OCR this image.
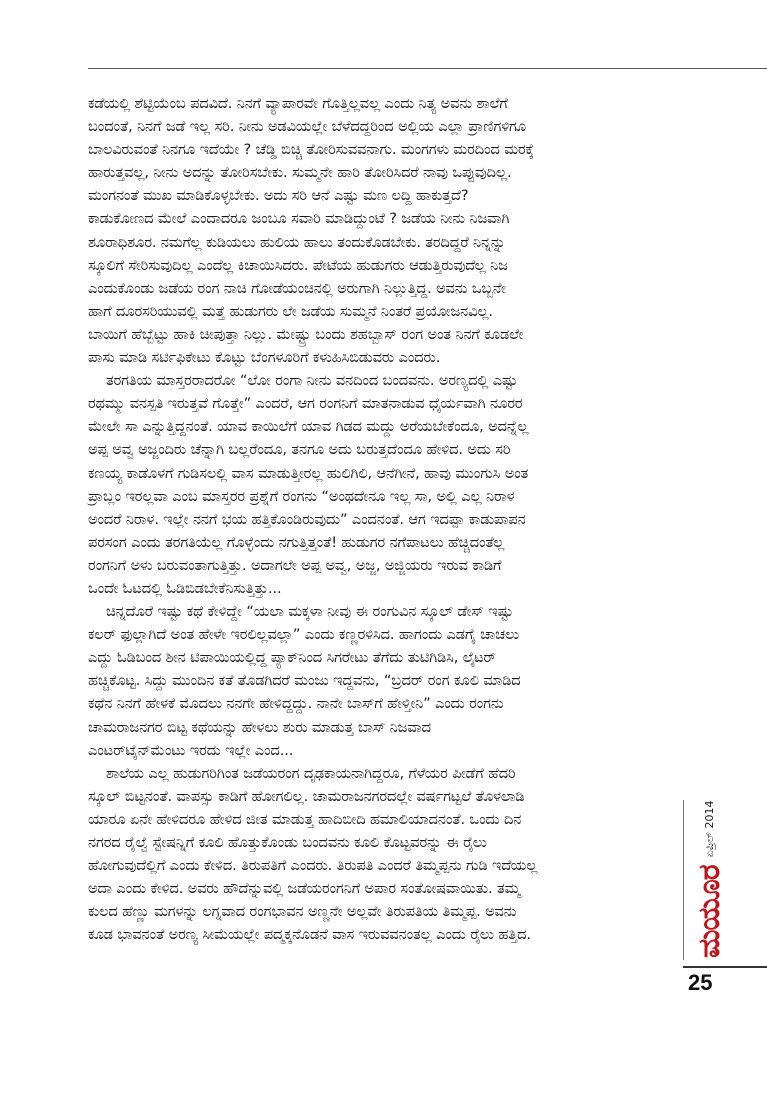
ಕಡೆಯಲ್ಲಿ ಶೆಟ್ಟಿಯೆಂಬ ಪದವಿದೆ. ನಿನಗೆ ವ್ಯಾಪಾರವೇ ಗೊತ್ತಿಲ್ಲವಲ್ಲ ಎಂದು ನಿತ್ಯ ಅವನು ಶಾಲೆಗೆ
ಬಂದಂತೆ, ನಿನಗೆ ಜಡೆ ಇಲ್ಲ ಸರಿ. ನೀನು ಅಡವಿಯಲ್ಲೇ ಬೆಳೆದದ್ದರಿಂದ ಅಲ್ಲಿಯ ಎಲ್ಲಾ ಪ್ರಾಣಿಗಳಿಗೂ
ಬಾಲವಿರುವಂತೆ ನಿನಗೂ ಇದೆಯೇ ? ಚೆಡ್ಡಿ ಬಿಚ್ಚಿ ತೋರಿಸುವವನಾಗು. ಮಂಗಗಳು ಮರದಿಂದ ಮರಕ್ಕೆ
ಹಾರುತ್ತವಲ್ಲ, ನೀನು ಅದನ್ನು ತೋರಿಸಬೇಕು. ಸುಮ್ಮನೇ ಹಾರಿ ತೋರಿಸಿದರೆ ನಾವು ಒಪ್ಪುವುದಿಲ್ಲ.
ಮಂಗನಂತೆ ಮುಖ ಮಾಡಿಕೊಳ್ಳಬೇಕು. ಅದು ಸರಿ ಆನೆ ಎಷ್ಟು ಮಣ ಲದ್ದಿ ಹಾಕುತ್ತದೆ?
ಕಾಡುಕೋಣದ ಮೇಲೆ ಎಂದಾದರೂ ಜಂಬೂ ಸವಾರಿ ಮಾಡಿದ್ದುಂಟೆ ? ಜಡೆಯ ನೀನು ನಿಜವಾಗಿ
ಶೂರಾಧಿಶೂರ. ನಮಗೆಲ್ಲ ಕುಡಿಯಲು ಹುಲಿಯ ಹಾಲು ತಂದುಕೊಡಬೇಕು. ತರದಿದ್ದರೆ ನಿನ್ನನ್ನು
ಸ್ಕೂಲಿಗೆ ಸೇರಿಸುವುದಿಲ್ಲ ಎಂದೆಲ್ಲ ಕಿಚಾಯಿಸಿದರು. ಪೇಟೆಯ ಹುಡುಗರು ಆಡುತ್ತಿರುವುದೆಲ್ಲ ನಿಜ
ಎಂದುಕೊಂಡು ಜಡೆಯ ರಂಗ ನಾಚಿ ಗೋಡೆಯಂಚಿನಲ್ಲಿ ಅರುಗಾಗಿ ನಿಲ್ಲುತ್ತಿದ್ದ. ಅವನು ಒಬ್ಬನೇ
ಹಾಗೆ ದೂರಸರಿಯುವಲ್ಲಿ ಮತ್ತೆ ಹುಡುಗರು ಲೇ ಜಡೆಯ ಸುಮ್ಮನೆ ನಿಂತರೆ ಪ್ರಯೋಜನವಿಲ್ಲ.
ಬಾಯಿಗೆ ಹೆಬ್ಬೆಟ್ಟು ಹಾಕಿ ಚೀಪುತ್ತಾ ನಿಲ್ಲು. ಮೇಷ್ಟ್ರು ಬಂದು ಶಹಬ್ಬಾಸ್ ರಂಗ ಅಂತ ನಿನಗೆ ಕೂಡಲೇ
ಪಾಸು ಮಾಡಿ ಸರ್ಟಿಫಿಕೇಟು ಕೊಟ್ಟು ಬೆಂಗಳೂರಿಗೆ ಕಳುಹಿಸಿಬಿಡುವರು ಎಂದರು.
ತರಗತಿಯ ಮಾಸ್ತರರಾದರೋ “ಲೋ ರಂಗಾ ನೀನು ವನದಿಂದ ಬಂದವನು. ಅರಣ್ಯದಲ್ಲಿ ಎಷ್ಟು
ರಥಮ್ಮು ವನಸ್ಪತಿ ಇರುತ್ತವೆ ಗೊತ್ತೇ” ಎಂದರೆ, ಆಗ ರಂಗನಿಗೆ ಮಾತನಾಡುವ ಧೈರ್ಯವಾಗಿ ನೂರರ
ಮೇಲೇ ಸಾ ಎನ್ನುತ್ತಿದ್ದನಂತೆ. ಯಾವ ಕಾಯಿಲೆಗೆ ಯಾವ ಗಿಡದ ಮದ್ದು ಅರೆಯಬೇಕೆಂದೂ, ಅದನ್ನೆಲ್ಲ
ಅಪ್ಪ ಅವ್ವ ಅಜ್ಜಂದಿರು ಚೆನ್ನಾಗಿ ಬಲ್ಲರೆಂದೂ, ತನಗೂ ಅದು ಬರುತ್ತದೆಂದೂ ಹೇಳಿದ. ಅದು ಸರಿ
ಕಣಯ್ಯ ಕಾಡೊಳಗೆ ಗುಡಿಸಲಲ್ಲಿ ವಾಸ ಮಾಡುತ್ತೀರಲ್ಲ ಹುಲಿಗಿಲಿ, ಆನೆಗೀನೆ, ಹಾವು ಮುಂಗುಸಿ ಅಂತ
ಪ್ರಾಬ್ಲಂ ಇರಲ್ಲವಾ ಎಂಬ ಮಾಸ್ತರರ ಪ್ರಶ್ನೆಗೆ ರಂಗನು “ಅಂಥದೇನೂ ಇಲ್ಲ ಸಾ, ಅಲ್ಲಿ ಎಲ್ಲ ನಿರಾಳ
ಅಂದರೆ ನಿರಾಳ. ಇಲ್ಲೇ ನನಗೆ ಭಯ ಹತ್ತಿಕೊಂಡಿರುವುದು” ಎಂದನಂತೆ. ಆಗ ಇದಪ್ಪಾ ಕಾಡುಪಾಪನ
ಪರಸಂಗ ಎಂದು ತರಗತಿಯೆಲ್ಲ ಗೊಳ್ಳೆಂದು ನಗುತ್ತಿತ್ತಂತೆ! ಹುಡುಗರ ನಗೆಪಾಟಲು ಹೆಚ್ಚಿದಂತೆಲ್ಲ
ರಂಗನಿಗೆ ಅಳು ಬರುವಂತಾಗುತ್ತಿತ್ತು. ಅದಾಗಲೇ ಅಪ್ಪ ಅವ್ವ, ಅಜ್ಜ, ಅಜ್ಜಿಯರು ಇರುವ ಕಾಡಿಗೆ
ಒಂದೇ ಓಟದಲ್ಲಿ ಓಡಿಬಿಡಬೇಕೆನಿಸುತ್ತಿತ್ತು...
ಚಿನ್ನದೊರೆ ಇಷ್ಟು ಕಥೆ ಕೇಳಿದ್ದೇ “ಯಲಾ ಮಕ್ಕಳಾ ನೀವು ಈ ರಂಗುವಿನ ಸ್ಕೂಲ್ ಡೇಸ್ ಇಷ್ಟು
ಕಲರ್ ಫುಲ್ಲಾಗಿದೆ ಅಂತ ಹೇಳೇ ಇರಲಿಲ್ಲವಲ್ಲಾ” ಎಂದು ಕಣ್ಣರಳಿಸಿದ. ಹಾಗಂದು ಎಡಗೈ ಚಾಚಲು
ಎದ್ದು ಓಡಿಬಂದ ಶೀನ ಟಿಪಾಯಿಯಲ್ಲಿದ್ದ ಪ್ಯಾಕ್‌ನಿಂದ ಸಿಗರೇಟು ತೆಗೆದು ತುಟಿಗಿಡಿಸಿ, ಲೈಟರ್
ಹಚ್ಚಿಕೊಟ್ಟ. ಸಿದ್ದು ಮುಂದಿನ ಕತೆ ತೊಡಗಿದರೆ ಮಂಜು ಇದ್ದವನು, “ಬ್ರದರ್ ರಂಗ ಕೂಲಿ ಮಾಡಿದ
ಕಥೆನ ನಿನಗೆ ಹೇಳಕೆ ಮೊದಲು ನನಗೇ ಹೇಳಿದ್ದದ್ದು. ನಾನೇ ಬಾಸ್‌ಗೆ ಹೇಳ್ತೀನಿ” ಎಂದು ರಂಗನು
ಚಾಮರಾಜನಗರ ಬಿಟ್ಟ ಕಥೆಯನ್ನು ಹೇಳಲು ಶುರು ಮಾಡುತ್ತ ಬಾಸ್ ನಿಜವಾದ
ಎಂಟರ್‌ಟೈನ್‌ಮೆಂಟು ಇರದು ಇಲ್ಲೇ ಎಂದ...
ಶಾಲೆಯ ಎಲ್ಲ ಹುಡುಗರಿಗಿಂತ ಜಡೆಯರಂಗ ದೃಢಕಾಯನಾಗಿದ್ದರೂ, ಗೆಳೆಯರ ಪೀಡೆಗೆ ಹೆದರಿ
ಸ್ಕೂಲ್ ಬಿಟ್ಟನಂತೆ. ವಾಪಸ್ಸು ಕಾಡಿಗೆ ಹೋಗಲಿಲ್ಲ. ಚಾಮರಾಜನಗರದಲ್ಲೇ ವರ್ಷಗಟ್ಟಲೆ ತೊಳಲಾಡಿ
ಯಾರೂ ಏನೇ ಹೇಳಿದರೂ ಹೇಳಿದ ಜೀತ ಮಾಡುತ್ತ ಹಾದಿಬೀದಿ ಹಮಾಲಿಯಾದನಂತೆ. ಒಂದು ದಿನ
ನಗರದ ರೈಲ್ವೆ ಸ್ಟೇಷನ್ನಿಗೆ ಕೂಲಿ ಹೊತ್ತುಕೊಂಡು ಬಂದವನು ಕೂಲಿ ಕೊಟ್ಟವರನ್ನು ಈ ರೈಲು
ಹೋಗುವುದೆಲ್ಲಿಗೆ ಎಂದು ಕೇಳಿದ. ತಿರುಪತಿಗೆ ಎಂದರು. ತಿರುಪತಿ ಎಂದರೆ ತಿಮ್ಮಪ್ಪನು ಗುಡಿ ಇದೆಯಲ್ಲ
ಅದಾ ಎಂದು ಕೇಳಿದ. ಅವರು ಹೌದೆನ್ನುವಲ್ಲಿ ಜಡೆಯರಂಗನಿಗೆ ಅಪಾರ ಸಂತೋಷವಾಯಿತು. ತಮ್ಮ
ಕುಲದ ಹೆಣ್ಣು ಮಗಳನ್ನು ಲಗ್ನವಾದ ರಂಗಭಾವನ ಅಣ್ಣನೇ ಅಲ್ಲವೇ ತಿರುಪತಿಯ ತಿಮ್ಮಪ್ಪ. ಅವನು
ಕೂಡ ಭಾವನಂತೆ ಅರಣ್ಯ ಸೀಮೆಯಲ್ಲೇ ಪದ್ಮಕ್ಕನೊಡನೆ ವಾಸ ಇರುವವನಂತಲ್ಲ ಎಂದು ರೈಲು ಹತ್ತಿದ.	ಮಯೂರ
ಏಪ್ರಿಲ್ 2014
25
